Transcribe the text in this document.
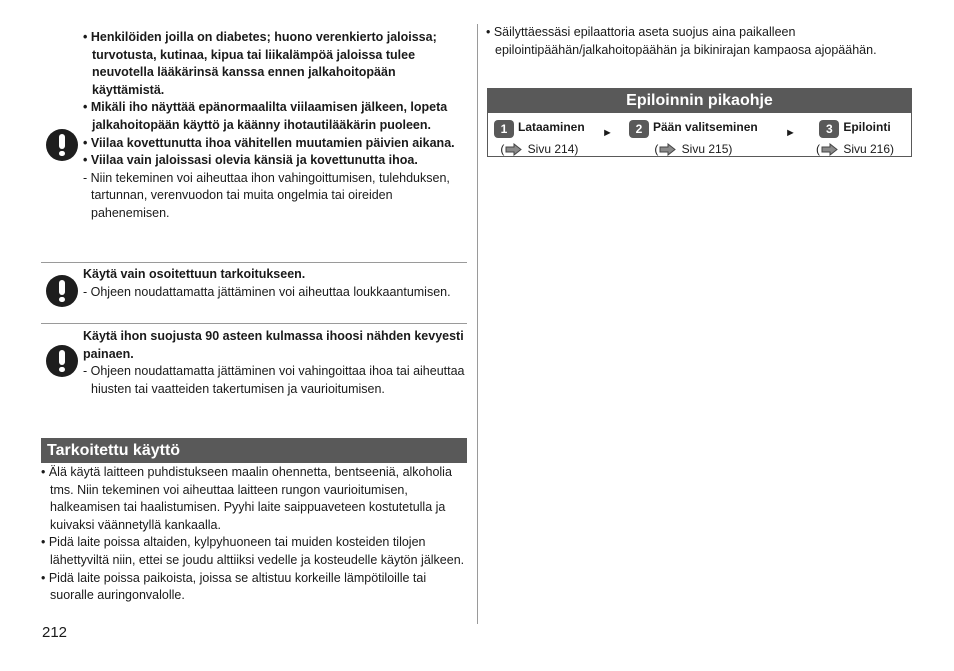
• Henkilöiden joilla on diabetes; huono verenkierto jaloissa; turvotusta, kutinaa, kipua tai liikalämpöä jaloissa tulee neuvotella lääkärinsä kanssa ennen jalkahoitopään käyttämistä.
• Mikäli iho näyttää epänormaalilta viilaamisen jälkeen, lopeta jalkahoitopään käyttö ja käänny ihotautilääkärin puoleen.
• Viilaa kovettunutta ihoa vähitellen muutamien päivien aikana.
• Viilaa vain jaloissasi olevia känsiä ja kovettunutta ihoa.
- Niin tekeminen voi aiheuttaa ihon vahingoittumisen, tulehduksen, tartunnan, verenvuodon tai muita ongelmia tai oireiden pahenemisen.
Käytä vain osoitettuun tarkoitukseen.
- Ohjeen noudattamatta jättäminen voi aiheuttaa loukkaantumisen.
Käytä ihon suojusta 90 asteen kulmassa ihoosi nähden kevyesti painaen.
- Ohjeen noudattamatta jättäminen voi vahingoittaa ihoa tai aiheuttaa hiusten tai vaatteiden takertumisen ja vaurioitumisen.
Tarkoitettu käyttö
• Älä käytä laitteen puhdistukseen maalin ohennetta, bentseeniä, alkoholia tms. Niin tekeminen voi aiheuttaa laitteen rungon vaurioitumisen, halkeamisen tai haalistumisen. Pyyhi laite saippuaveteen kostutetulla ja kuivaksi väännetyllä kankaalla.
• Pidä laite poissa altaiden, kylpyhuoneen tai muiden kosteiden tilojen lähettyviltä niin, ettei se joudu alttiiksi vedelle ja kosteudelle käytön jälkeen.
• Pidä laite poissa paikoista, joissa se altistuu korkeille lämpötiloille tai suoralle auringonvalolle.
212
• Säilyttäessäsi epilaattoria aseta suojus aina paikalleen epilointipäähän/jalkahoitopäähän ja bikinirajan kampaosa ajopäähän.
Epiloinnin pikaohje
1 Lataaminen
( Sivu 214)
►	2 Pään valitseminen
( Sivu 215)
►	3 Epilointi
( Sivu 216)
